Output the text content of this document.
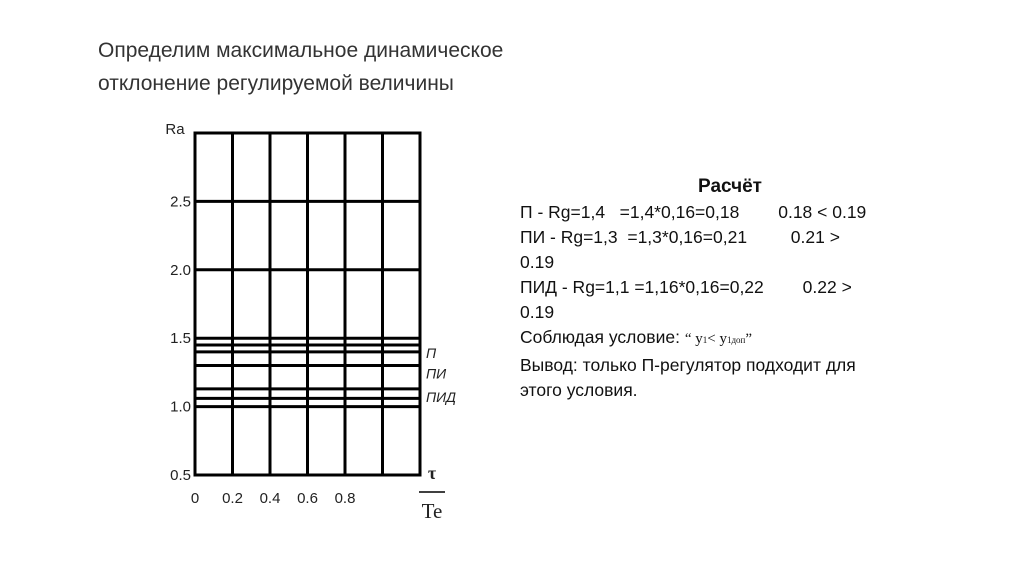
Определим максимальное динамическое
отклонение регулируемой величины
0.5
1.0
1.5
2.0
2.5
Ra
0 0.2 0.4 0.6 0.8
τ
Te
П
ПИ
ПИД
Расчёт
П - Rg=1,4   =1,4*0,16=0,18        0.18 < 0.19
ПИ - Rg=1,3  =1,3*0,16=0,21         0.21 >
0.19
ПИД - Rg=1,1 =1,16*0,16=0,22        0.22 >
0.19
Соблюдая условие: “ y1< y1доп”
Вывод: только П-регулятор подходит для
этого условия.
